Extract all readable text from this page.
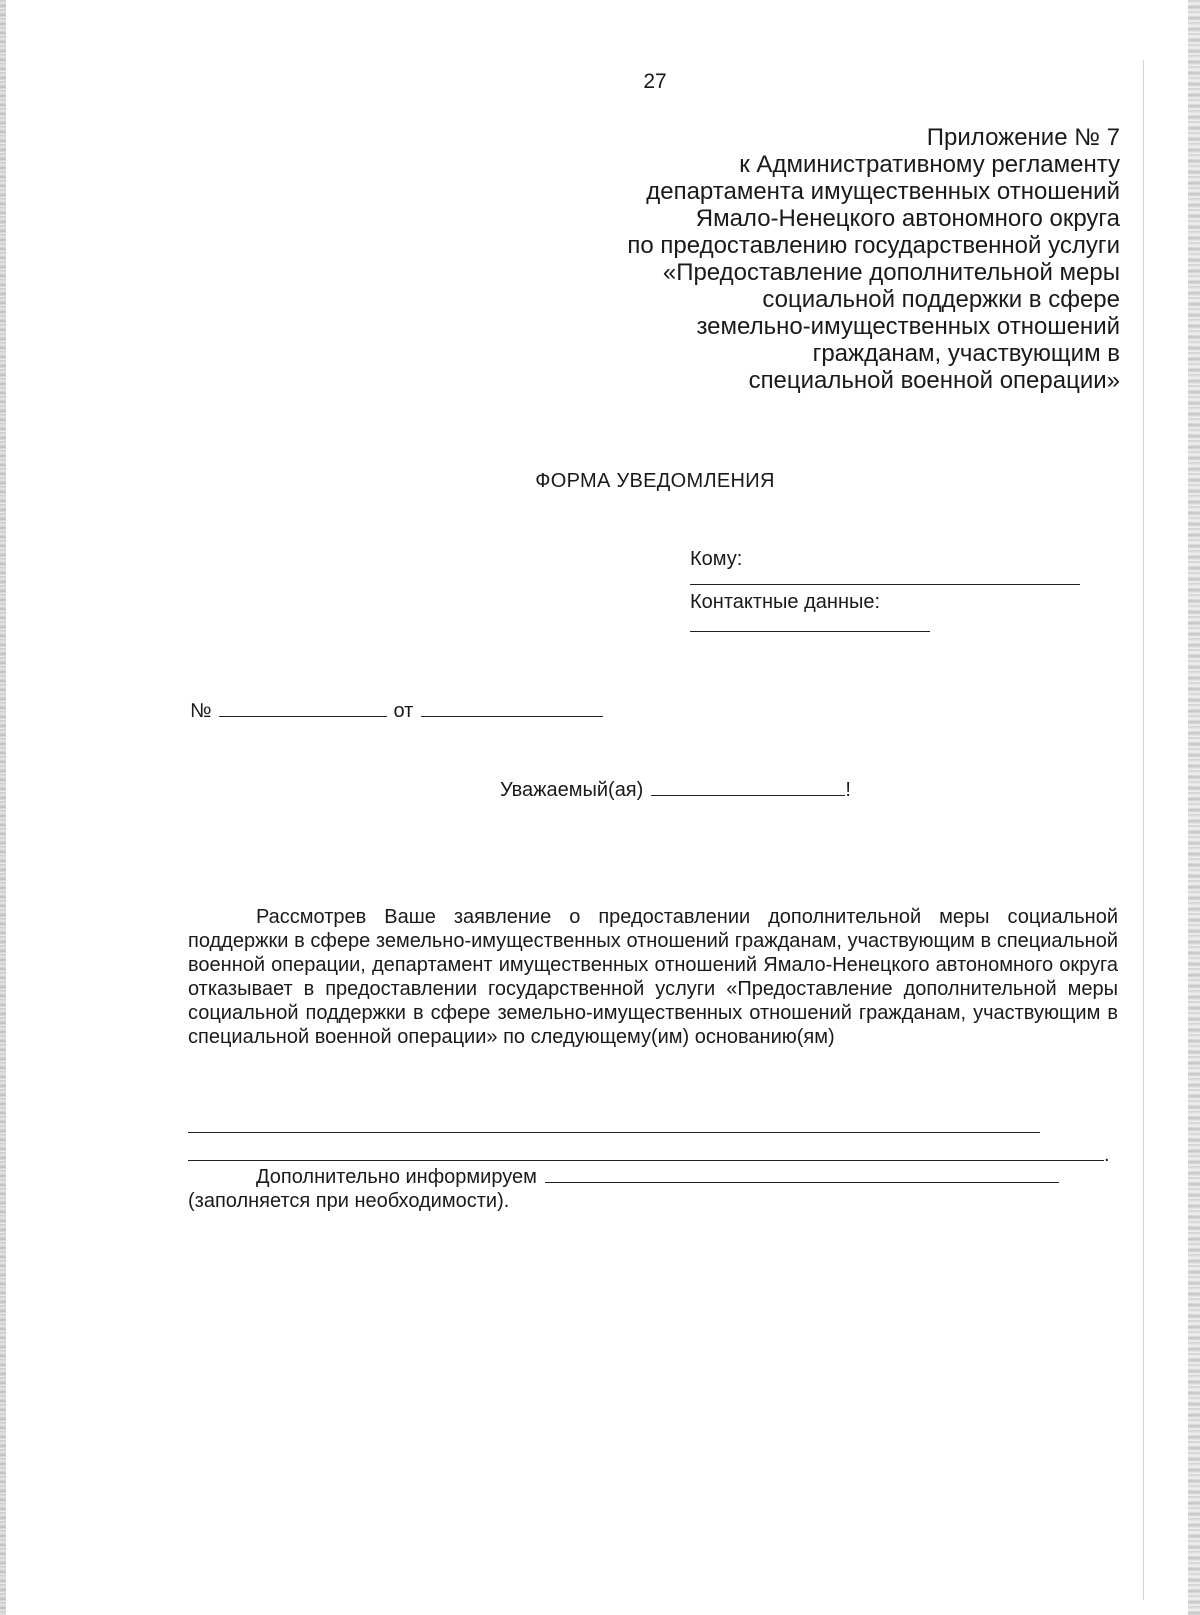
27
Приложение № 7
к Административному регламенту
департамента имущественных отношений
Ямало-Ненецкого автономного округа
по предоставлению государственной услуги
«Предоставление дополнительной меры
социальной поддержки в сфере
земельно-имущественных отношений
гражданам, участвующим в
специальной военной операции»
ФОРМА УВЕДОМЛЕНИЯ
Кому:
Контактные данные:
№	от
Уважаемый(ая)	!
Рассмотрев Ваше заявление о предоставлении дополнительной меры социальной поддержки в сфере земельно-имущественных отношений гражданам, участвующим в специальной военной операции, департамент имущественных отношений Ямало-Ненецкого автономного округа отказывает в предоставлении государственной услуги «Предоставление дополнительной меры социальной поддержки в сфере земельно-имущественных отношений гражданам, участвующим в специальной военной операции» по следующему(им) основанию(ям)
.
Дополнительно информируем
(заполняется при необходимости).
